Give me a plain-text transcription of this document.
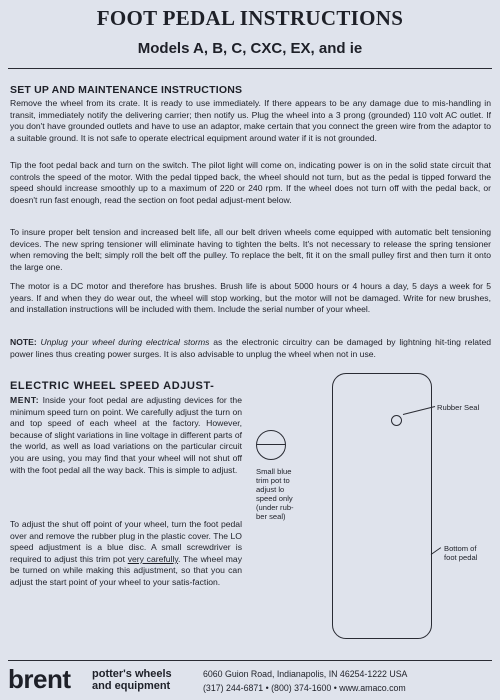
FOOT PEDAL INSTRUCTIONS
Models A, B, C, CXC, EX, and ie
SET UP AND MAINTENANCE INSTRUCTIONS
Remove the wheel from its crate. It is ready to use immediately. If there appears to be any damage due to mis-handling in transit, immediately notify the delivering carrier; then notify us. Plug the wheel into a 3 prong (grounded) 110 volt AC outlet. If you don't have grounded outlets and have to use an adaptor, make certain that you connect the green wire from the adaptor to a suitable ground. It is not safe to operate electrical equipment around water if it is not grounded.
Tip the foot pedal back and turn on the switch. The pilot light will come on, indicating power is on in the solid state circuit that controls the speed of the motor. With the pedal tipped back, the wheel should not turn, but as the pedal is tipped forward the speed should increase smoothly up to a maximum of 220 or 240 rpm. If the wheel does not turn off with the pedal back, or doesn't run fast enough, read the section on foot pedal adjust-ment below.
To insure proper belt tension and increased belt life, all our belt driven wheels come equipped with automatic belt tensioning devices. The new spring tensioner will eliminate having to tighten the belts. It's not necessary to release the spring tensioner when removing the belt; simply roll the belt off the pulley. To replace the belt, fit it on the small pulley first and then turn it onto the large one.
The motor is a DC motor and therefore has brushes. Brush life is about 5000 hours or 4 hours a day, 5 days a week for 5 years. If and when they do wear out, the wheel will stop working, but the motor will not be damaged. Write for new brushes, and installation instructions will be included with them. Include the serial number of your wheel.
NOTE: Unplug your wheel during electrical storms as the electronic circuitry can be damaged by lightning hit-ting related power lines thus creating power surges. It is also advisable to unplug the wheel when not in use.
ELECTRIC WHEEL SPEED ADJUST-
MENT: Inside your foot pedal are adjusting devices for the minimum speed turn on point. We carefully adjust the turn on and top speed of each wheel at the factory. However, because of slight variations in line voltage in different parts of the world, as well as load variations on the particular circuit you are using, you may find that your wheel will not shut off with the foot pedal all the way back. This is simple to adjust.
To adjust the shut off point of your wheel, turn the foot pedal over and remove the rubber plug in the plastic cover. The LO speed adjustment is a blue disc. A small screwdriver is required to adjust this trim pot very carefully. The wheel may be turned on while making this adjustment, so that you can adjust the start point of your wheel to your satis-faction.
Small blue
trim pot to
adjust lo
speed only
(under rub-
ber seal)
Rubber Seal
Bottom of
foot pedal
brent potter's wheels
and equipment
6060 Guion Road, Indianapolis, IN 46254-1222 USA
(317) 244-6871 • (800) 374-1600 • www.amaco.com
